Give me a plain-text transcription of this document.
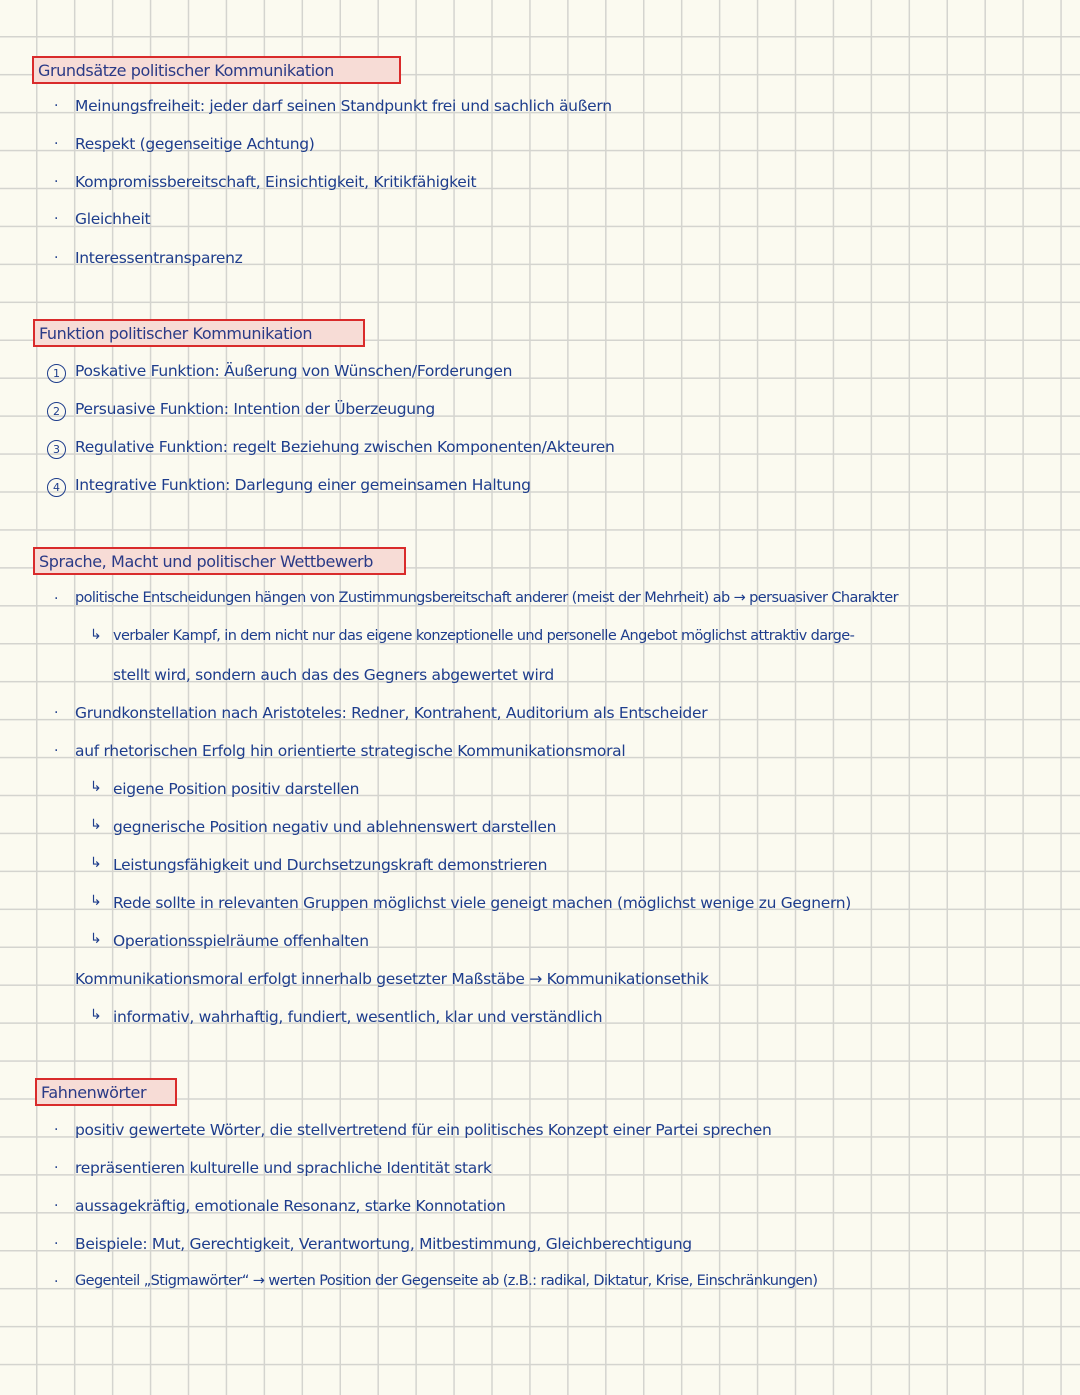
Grundsätze politischer Kommunikation
· Meinungsfreiheit: jeder darf seinen Standpunkt frei und sachlich äußern
· Respekt (gegenseitige Achtung)
· Kompromissbereitschaft, Einsichtigkeit, Kritikfähigkeit
· Gleichheit
· Interessentransparenz
Funktion politischer Kommunikation
1 Poskative Funktion: Äußerung von Wünschen/Forderungen
2 Persuasive Funktion: Intention der Überzeugung
3 Regulative Funktion: regelt Beziehung zwischen Komponenten/Akteuren
4 Integrative Funktion: Darlegung einer gemeinsamen Haltung
Sprache, Macht und politischer Wettbewerb
· politische Entscheidungen hängen von Zustimmungsbereitschaft anderer (meist der Mehrheit) ab → persuasiver Charakter
↳ verbaler Kampf, in dem nicht nur das eigene konzeptionelle und personelle Angebot möglichst attraktiv darge-
stellt wird, sondern auch das des Gegners abgewertet wird
· Grundkonstellation nach Aristoteles: Redner, Kontrahent, Auditorium als Entscheider
· auf rhetorischen Erfolg hin orientierte strategische Kommunikationsmoral
↳ eigene Position positiv darstellen
↳ gegnerische Position negativ und ablehnenswert darstellen
↳ Leistungsfähigkeit und Durchsetzungskraft demonstrieren
↳ Rede sollte in relevanten Gruppen möglichst viele geneigt machen (möglichst wenige zu Gegnern)
↳ Operationsspielräume offenhalten
Kommunikationsmoral erfolgt innerhalb gesetzter Maßstäbe → Kommunikationsethik
↳ informativ, wahrhaftig, fundiert, wesentlich, klar und verständlich
Fahnenwörter
· positiv gewertete Wörter, die stellvertretend für ein politisches Konzept einer Partei sprechen
· repräsentieren kulturelle und sprachliche Identität stark
· aussagekräftig, emotionale Resonanz, starke Konnotation
· Beispiele: Mut, Gerechtigkeit, Verantwortung, Mitbestimmung, Gleichberechtigung
· Gegenteil „Stigmawörter“ → werten Position der Gegenseite ab (z.B.: radikal, Diktatur, Krise, Einschränkungen)
